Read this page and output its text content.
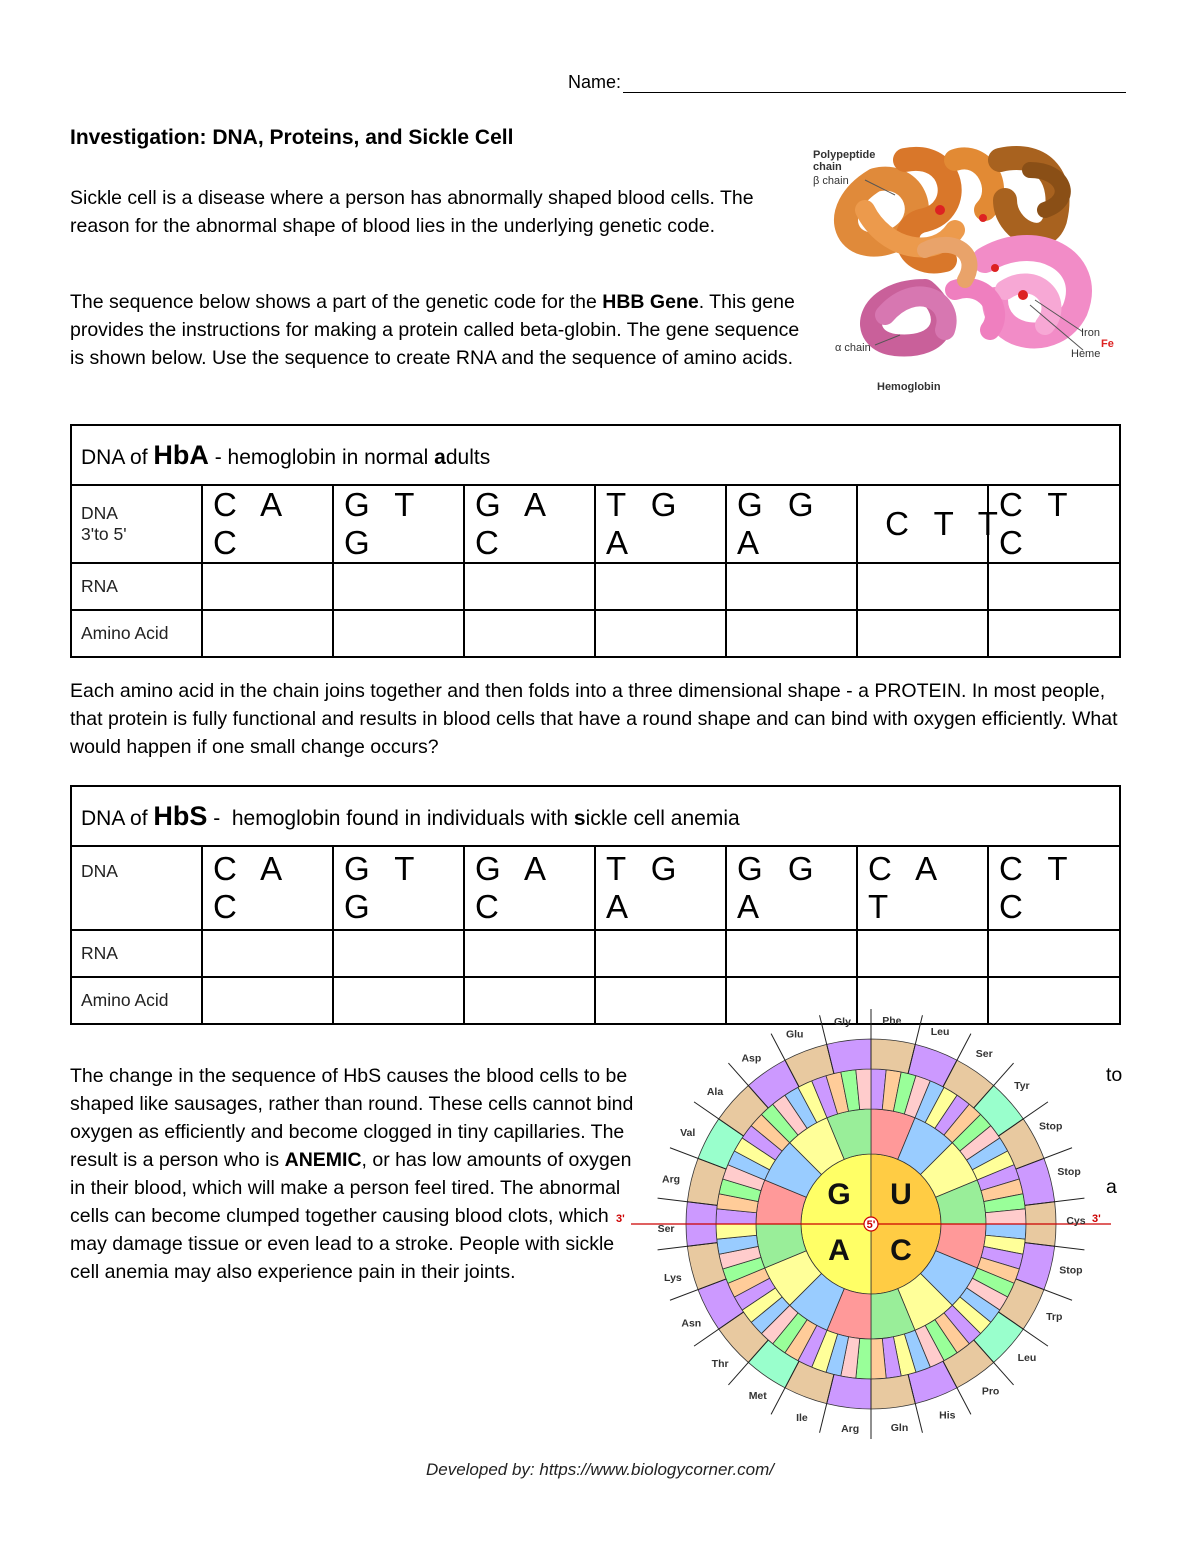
Name:
Investigation: DNA, Proteins, and Sickle Cell
Sickle cell is a disease where a person has abnormally shaped blood cells. The reason for the abnormal shape of blood lies in the underlying genetic code.
The sequence below shows a part of the genetic code for the HBB Gene. This gene provides the instructions for making a protein called beta-globin. The gene sequence is shown below. Use the sequence to create RNA and the sequence of amino acids.
Polypeptide
chain
β chain
α chain
Iron
Fe
Heme
Hemoglobin
DNA of HbA - hemoglobin in normal adults							
DNA
3'to 5'	C A C	G T G	G A C	T G A	G G A	C T T	C T C
RNA							
Amino Acid							
Each amino acid in the chain joins together and then folds into a three dimensional shape - a PROTEIN. In most people, that protein is fully functional and results in blood cells that have a round shape and can bind with oxygen efficiently. What would happen if one small change occurs?
DNA of HbS -  hemoglobin found in individuals with sickle cell anemia							
DNA	C A C	G T G	G A C	T G A	G G A	C A T	C T C
RNA							
Amino Acid							
The change in the sequence of HbS causes the blood cells to be shaped like sausages, rather than round. These cells cannot bind oxygen as efficiently and become clogged in tiny capillaries. The result is a person who is ANEMIC, or has low amounts of oxygen in their blood, which will make a person feel tired. The abnormal cells can become clumped together causing blood clots, which may damage tissue or even lead to a stroke. People with sickle cell anemia may also experience pain in their joints.
to
a
5'
3'	3'
G U
C
A
Gly	Phe
Leu
Ser
Tyr
Stop
Stop
Cys
Stop
Trp
Leu
Pro
His
Gln
Arg
Ile
Met
Thr
Asn
Lys
Ser
Arg
Val
Ala
Asp
Glu
Developed by: https://www.biologycorner.com/
